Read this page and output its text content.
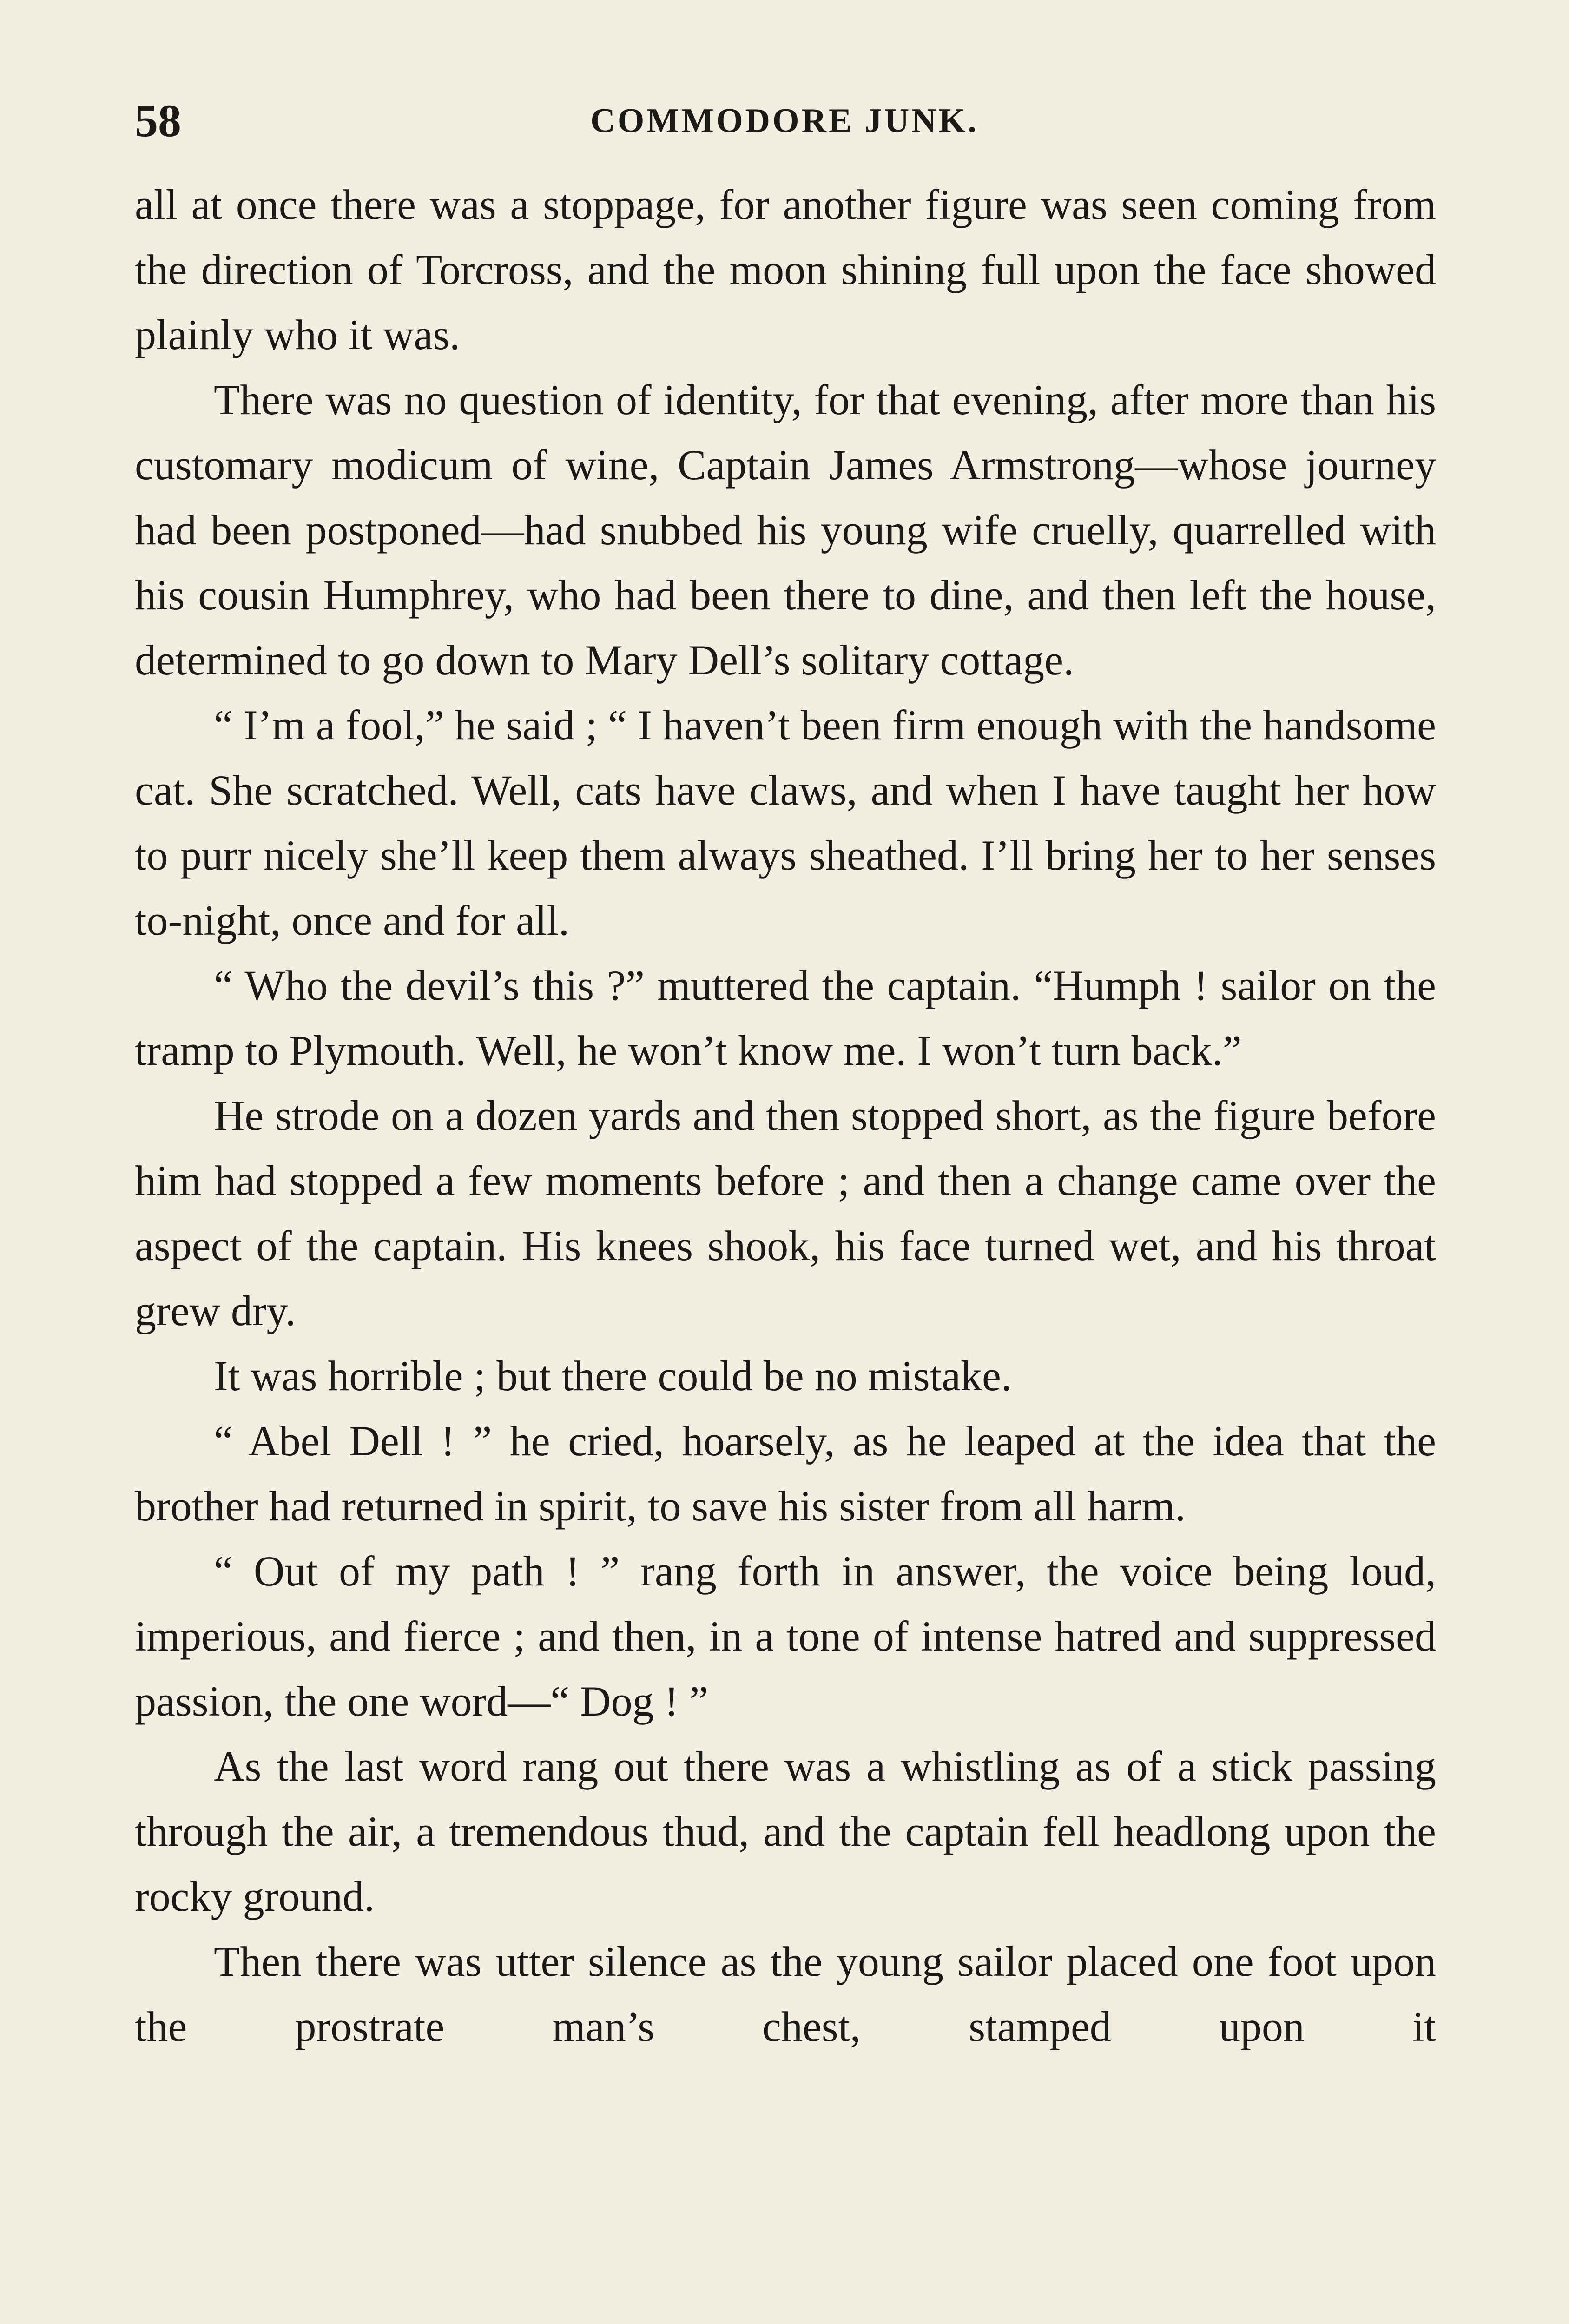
58	COMMODORE JUNK.

all at once there was a stoppage, for another figure was seen coming from the direction of Torcross, and the moon shining full upon the face showed plainly who it was.

There was no question of identity, for that evening, after more than his customary modicum of wine, Captain James Armstrong—whose journey had been postponed—had snubbed his young wife cruelly, quarrelled with his cousin Humphrey, who had been there to dine, and then left the house, determined to go down to Mary Dell’s solitary cottage.

“ I’m a fool,” he said ; “ I haven’t been firm enough with the handsome cat. She scratched. Well, cats have claws, and when I have taught her how to purr nicely she’ll keep them always sheathed. I’ll bring her to her senses to-night, once and for all.

“ Who the devil’s this ?” muttered the captain. “Humph ! sailor on the tramp to Plymouth. Well, he won’t know me. I won’t turn back.”

He strode on a dozen yards and then stopped short, as the figure before him had stopped a few moments before ; and then a change came over the aspect of the captain. His knees shook, his face turned wet, and his throat grew dry.

It was horrible ; but there could be no mistake.

“ Abel Dell ! ” he cried, hoarsely, as he leaped at the idea that the brother had returned in spirit, to save his sister from all harm.

“ Out of my path ! ” rang forth in answer, the voice being loud, imperious, and fierce ; and then, in a tone of intense hatred and suppressed passion, the one word—“ Dog ! ”

As the last word rang out there was a whistling as of a stick passing through the air, a tremendous thud, and the captain fell headlong upon the rocky ground.

Then there was utter silence as the young sailor placed one foot upon the prostrate man’s chest, stamped upon it
